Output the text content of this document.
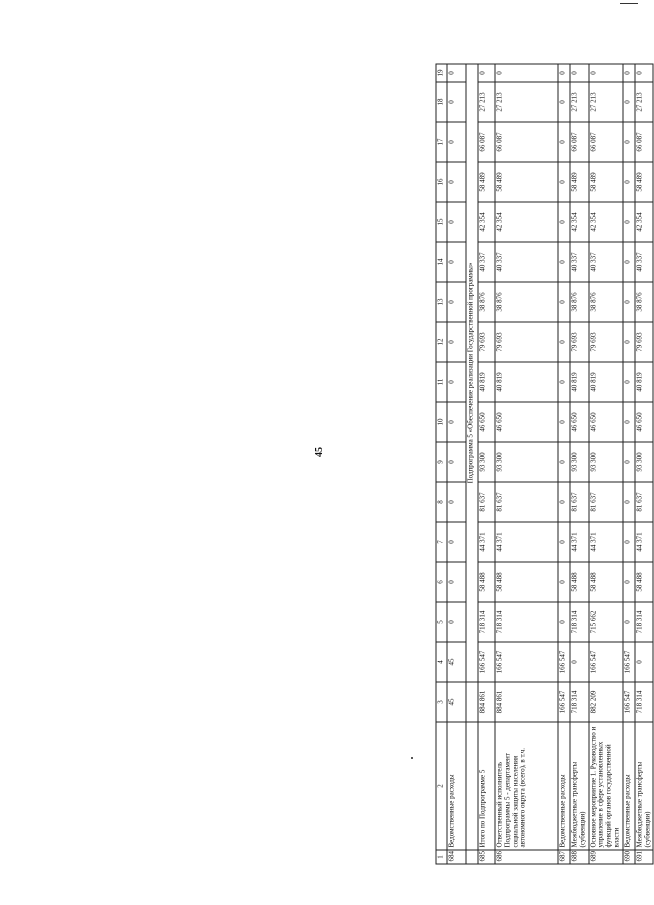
45
1	2	3	4	5	6	7	8	9	10	11	12	13	14	15	16	17	18	19
684	Ведомственные расходы	45	45	0	0	0	0	0	0	0	0	0	0	0	0	0	0	0
			Подпрограмма 5 «Обеспечение реализации Государственной программы»															
685	Итого по Подпрограмме 5	884 861	166 547	718 314	58 488	44 371	81 637	93 300	46 650	40 819	79 693	38 876	40 337	42 354	58 489	66 087	27 213	0
686	Ответственный исполнитель Подпрограммы 5 - департамент социальной защиты населения автономного округа (всего), в т.ч.	884 861	166 547	718 314	58 488	44 371	81 637	93 300	46 650	40 819	79 693	38 876	40 337	42 354	58 489	66 087	27 213	0
687	Ведомственные расходы	166 547	166 547	0	0	0	0	0	0	0	0	0	0	0	0	0	0	0
688	Межбюджетные трансферты (субвенции)	718 314	0	718 314	58 488	44 371	81 637	93 300	46 650	40 819	79 693	38 876	40 337	42 354	58 489	66 087	27 213	0
689	Основное мероприятие 1. Руководство и управление в сфере установленных функций органов государственной власти	882 209	166 547	715 662	58 488	44 371	81 637	93 300	46 650	40 819	79 693	38 876	40 337	42 354	58 489	66 087	27 213	0
690	Ведомственные расходы	166 547	166 547	0	0	0	0	0	0	0	0	0	0	0	0	0	0	0
691	Межбюджетные трансферты (субвенции)	718 314	0	718 314	58 488	44 371	81 637	93 300	46 650	40 819	79 693	38 876	40 337	42 354	58 489	66 087	27 213	0
